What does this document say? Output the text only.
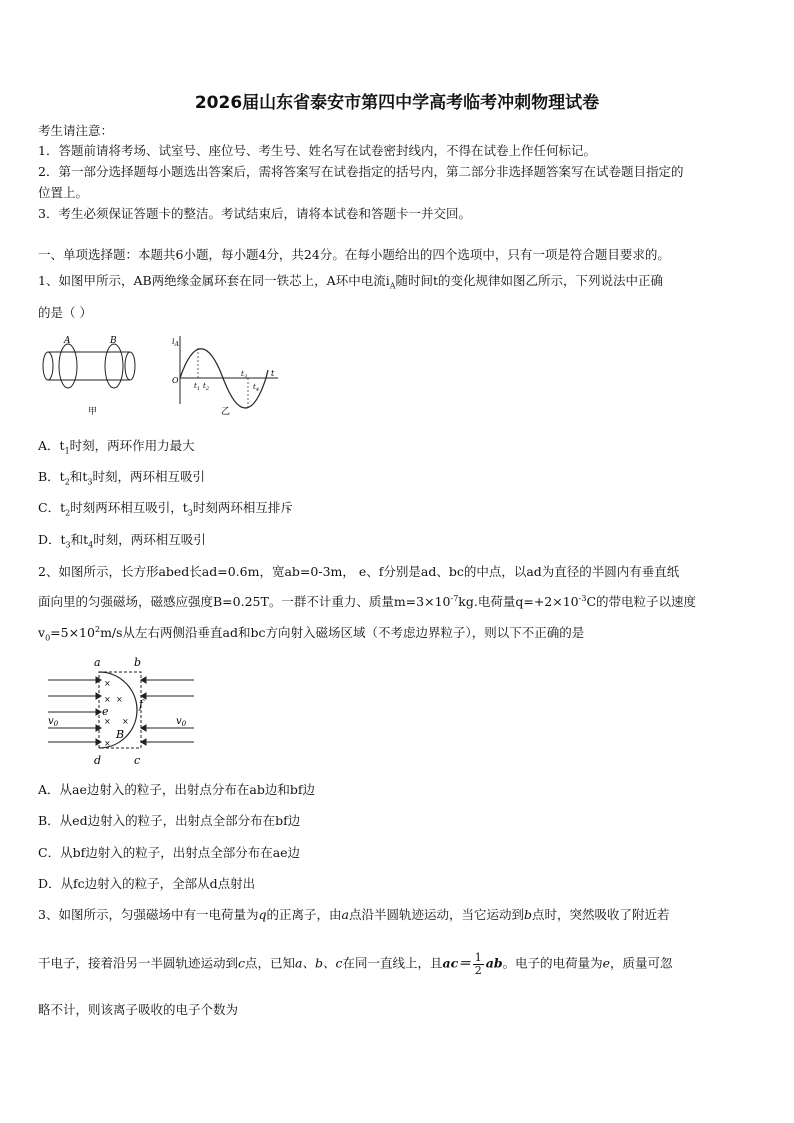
2026届山东省泰安市第四中学高考临考冲刺物理试卷
考生请注意：
1．答题前请将考场、试室号、座位号、考生号、姓名写在试卷密封线内，不得在试卷上作任何标记。
2．第一部分选择题每小题选出答案后，需将答案写在试卷指定的括号内，第二部分非选择题答案写在试卷题目指定的
位置上。
3．考生必须保证答题卡的整洁。考试结束后，请将本试卷和答题卡一并交回。
一、单项选择题：本题共6小题，每小题4分，共24分。在每小题给出的四个选项中，只有一项是符合题目要求的。
1、如图甲所示，AB两绝缘金属环套在同一铁芯上，A环中电流$i_A$随时间t的变化规律如图乙所示，下列说法中正确
的是（ ）
A	B
甲
$i_A$
O
t
$t_1$ $t_2$
$t_3$
$t_4$
乙
A．$t_1$时刻，两环作用力最大
B．$t_2$和$t_3$时刻，两环相互吸引
C．$t_2$时刻两环相互吸引，$t_3$时刻两环相互排斥
D．$t_3$和$t_4$时刻，两环相互吸引
2、如图所示，长方形abed长ad=0.6m，宽ab=0-3m， e、f分别是ad、bc的中点，以ad为直径的半圆内有垂直纸
面向里的匀强磁场，磁感应强度B=0.25T。一群不计重力、质量$m=3\times 10^{-7}kg$.电荷量$q=+2\times 10^{-3}C$的带电粒子以速度
$v_0=5\times 10^2m/s$从左右两侧沿垂直ad和bc方向射入磁场区域（不考虑边界粒子），则以下不正确的是
×
× ×
× ×
×
a	b
c
d
e
f
B
$v_0$	$v_0$
A．从ae边射入的粒子，出射点分布在ab边和bf边
B．从ed边射入的粒子，出射点全部分布在bf边
C．从bf边射入的粒子，出射点全部分布在ae边
D．从fc边射入的粒子，全部从d点射出
3、如图所示，匀强磁场中有一电荷量为q的正离子，由a点沿半圆轨迹运动，当它运动到b点时，突然吸收了附近若
干电子，接着沿另一半圆轨迹运动到c点，已知a、b、c在同一直线上，且$ac= \frac{1}{2}$ ab。电子的电荷量为e，质量可忽
略不计，则该离子吸收的电子个数为
